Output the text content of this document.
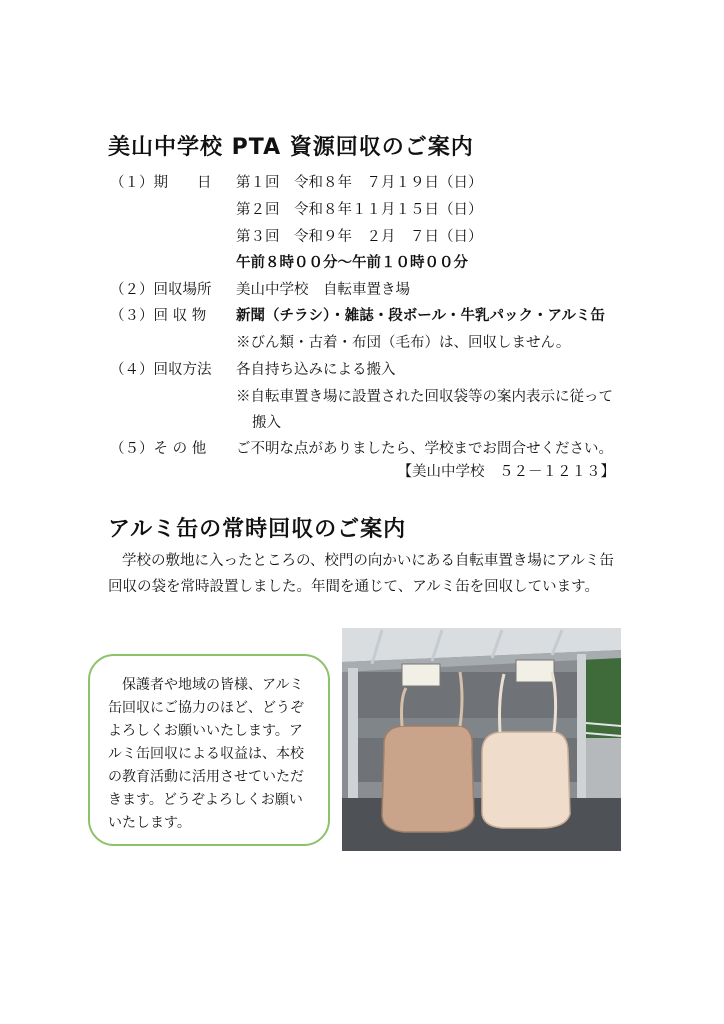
美山中学校 PTA 資源回収のご案内
（１）期　　日 第１回　令和８年　７月１９日（日）
第２回　令和８年１１月１５日（日）
第３回　令和９年　２月　７日（日）
午前８時００分～午前１０時００分
（２）回収場所 美山中学校　自転車置き場
（３）回 収 物 新聞（チラシ）・雑誌・段ボール・牛乳パック・アルミ缶
※びん類・古着・布団（毛布）は、回収しません。
（４）回収方法 各自持ち込みによる搬入
※自転車置き場に設置された回収袋等の案内表示に従って
搬入
（５）そ の 他 ご不明な点がありましたら、学校までお問合せください。
【美山中学校　５２－１２１３】
アルミ缶の常時回収のご案内
学校の敷地に入ったところの、校門の向かいにある自転車置き場にアルミ缶
回収の袋を常時設置しました。年間を通じて、アルミ缶を回収しています。
保護者や地域の皆様、アルミ
缶回収にご協力のほど、どうぞ
よろしくお願いいたします。ア
ルミ缶回収による収益は、本校
の教育活動に活用させていただ
きます。どうぞよろしくお願い
いたします。
